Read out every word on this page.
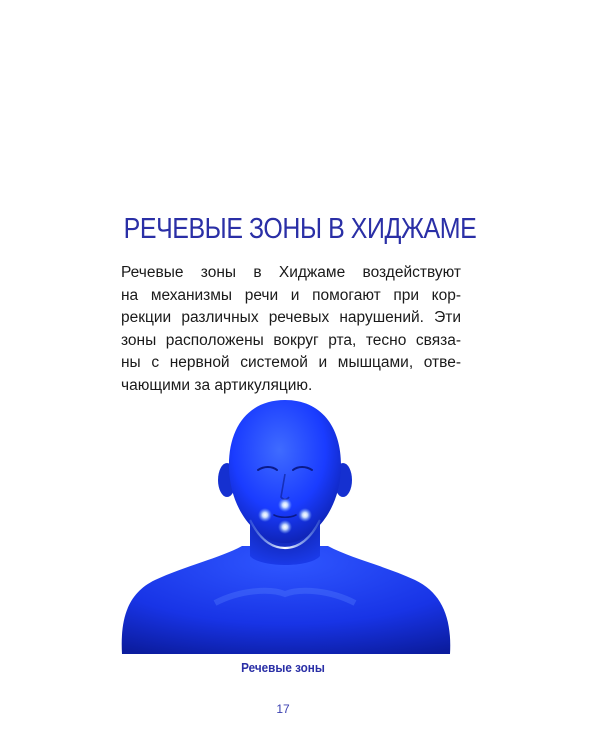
РЕЧЕВЫЕ ЗОНЫ В ХИДЖАМЕ

Речевые зоны в Хиджаме воздействуют
на механизмы речи и помогают при кор-
рекции различных речевых нарушений. Эти
зоны расположены вокруг рта, тесно связа-
ны с нервной системой и мышцами, отве-
чающими за артикуляцию.

Речевые зоны

17
